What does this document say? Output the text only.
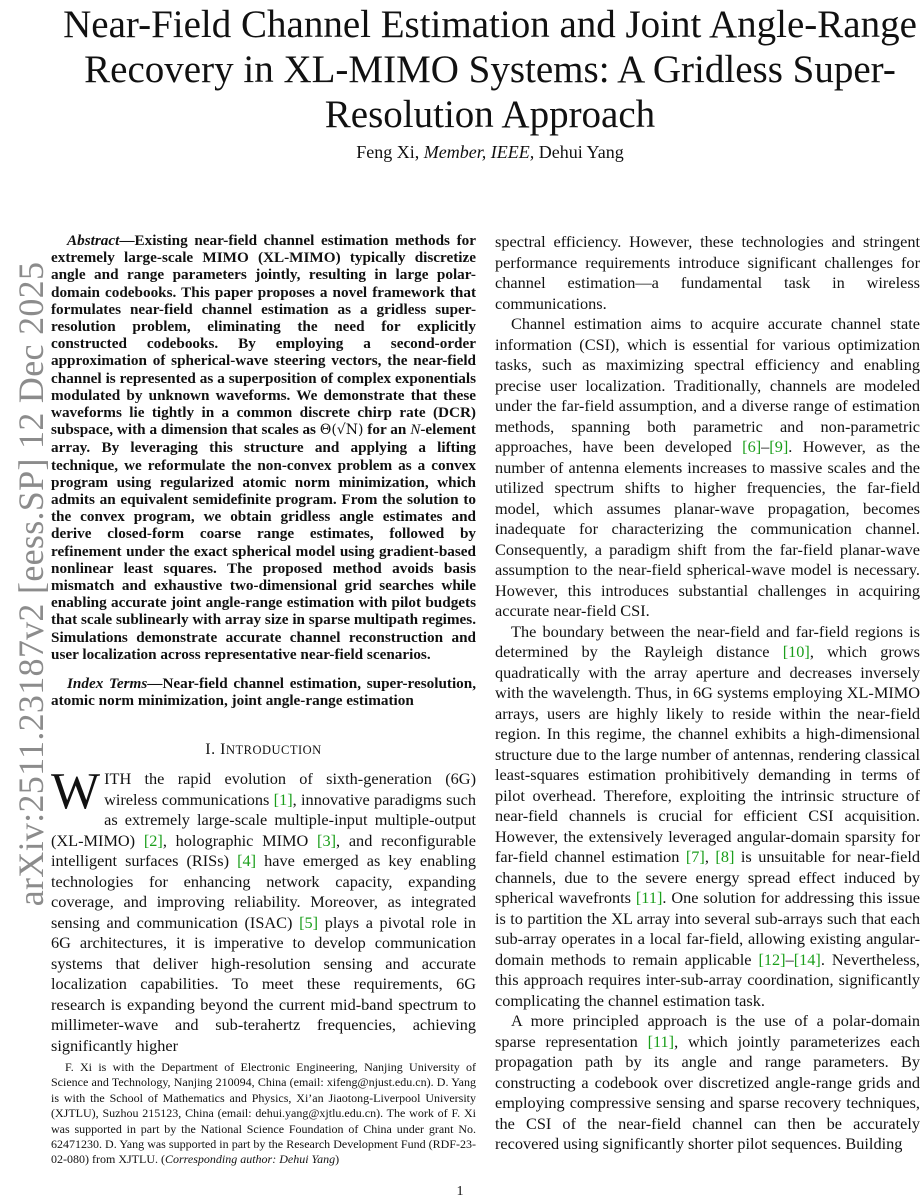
arXiv:2511.23187v2 [eess.SP] 12 Dec 2025
Near-Field Channel Estimation and Joint Angle-Range Recovery in XL-MIMO Systems: A Gridless Super-Resolution Approach
Feng Xi, Member, IEEE, Dehui Yang

Abstract—Existing near-field channel estimation methods for extremely large-scale MIMO (XL-MIMO) typically discretize angle and range parameters jointly, resulting in large polar-domain codebooks. This paper proposes a novel framework that formulates near-field channel estimation as a gridless super-resolution problem, eliminating the need for explicitly constructed codebooks. By employing a second-order approximation of spherical-wave steering vectors, the near-field channel is represented as a superposition of complex exponentials modulated by unknown waveforms. We demonstrate that these waveforms lie tightly in a common discrete chirp rate (DCR) subspace, with a dimension that scales as Θ(√N) for an N-element array. By leveraging this structure and applying a lifting technique, we reformulate the non-convex problem as a convex program using regularized atomic norm minimization, which admits an equivalent semidefinite program. From the solution to the convex program, we obtain gridless angle estimates and derive closed-form coarse range estimates, followed by refinement under the exact spherical model using gradient-based nonlinear least squares. The proposed method avoids basis mismatch and exhaustive two-dimensional grid searches while enabling accurate joint angle-range estimation with pilot budgets that scale sublinearly with array size in sparse multipath regimes. Simulations demonstrate accurate channel reconstruction and user localization across representative near-field scenarios.

Index Terms—Near-field channel estimation, super-resolution, atomic norm minimization, joint angle-range estimation

I. INTRODUCTION

WITH the rapid evolution of sixth-generation (6G) wireless communications [1], innovative paradigms such as extremely large-scale multiple-input multiple-output (XL-MIMO) [2], holographic MIMO [3], and reconfigurable intelligent surfaces (RISs) [4] have emerged as key enabling technologies for enhancing network capacity, expanding coverage, and improving reliability. Moreover, as integrated sensing and communication (ISAC) [5] plays a pivotal role in 6G architectures, it is imperative to develop communication systems that deliver high-resolution sensing and accurate localization capabilities. To meet these requirements, 6G research is expanding beyond the current mid-band spectrum to millimeter-wave and sub-terahertz frequencies, achieving significantly higher

F. Xi is with the Department of Electronic Engineering, Nanjing University of Science and Technology, Nanjing 210094, China (email: xifeng@njust.edu.cn). D. Yang is with the School of Mathematics and Physics, Xi’an Jiaotong-Liverpool University (XJTLU), Suzhou 215123, China (email: dehui.yang@xjtlu.edu.cn). The work of F. Xi was supported in part by the National Science Foundation of China under grant No. 62471230. D. Yang was supported in part by the Research Development Fund (RDF-23-02-080) from XJTLU. (Corresponding author: Dehui Yang)

spectral efficiency. However, these technologies and stringent performance requirements introduce significant challenges for channel estimation—a fundamental task in wireless communications.

Channel estimation aims to acquire accurate channel state information (CSI), which is essential for various optimization tasks, such as maximizing spectral efficiency and enabling precise user localization. Traditionally, channels are modeled under the far-field assumption, and a diverse range of estimation methods, spanning both parametric and non-parametric approaches, have been developed [6]–[9]. However, as the number of antenna elements increases to massive scales and the utilized spectrum shifts to higher frequencies, the far-field model, which assumes planar-wave propagation, becomes inadequate for characterizing the communication channel. Consequently, a paradigm shift from the far-field planar-wave assumption to the near-field spherical-wave model is necessary. However, this introduces substantial challenges in acquiring accurate near-field CSI.

The boundary between the near-field and far-field regions is determined by the Rayleigh distance [10], which grows quadratically with the array aperture and decreases inversely with the wavelength. Thus, in 6G systems employing XL-MIMO arrays, users are highly likely to reside within the near-field region. In this regime, the channel exhibits a high-dimensional structure due to the large number of antennas, rendering classical least-squares estimation prohibitively demanding in terms of pilot overhead. Therefore, exploiting the intrinsic structure of near-field channels is crucial for efficient CSI acquisition. However, the extensively leveraged angular-domain sparsity for far-field channel estimation [7], [8] is unsuitable for near-field channels, due to the severe energy spread effect induced by spherical wavefronts [11]. One solution for addressing this issue is to partition the XL array into several sub-arrays such that each sub-array operates in a local far-field, allowing existing angular-domain methods to remain applicable [12]–[14]. Nevertheless, this approach requires inter-sub-array coordination, significantly complicating the channel estimation task.

A more principled approach is the use of a polar-domain sparse representation [11], which jointly parameterizes each propagation path by its angle and range parameters. By constructing a codebook over discretized angle-range grids and employing compressive sensing and sparse recovery techniques, the CSI of the near-field channel can then be accurately recovered using significantly shorter pilot sequences. Building

1
